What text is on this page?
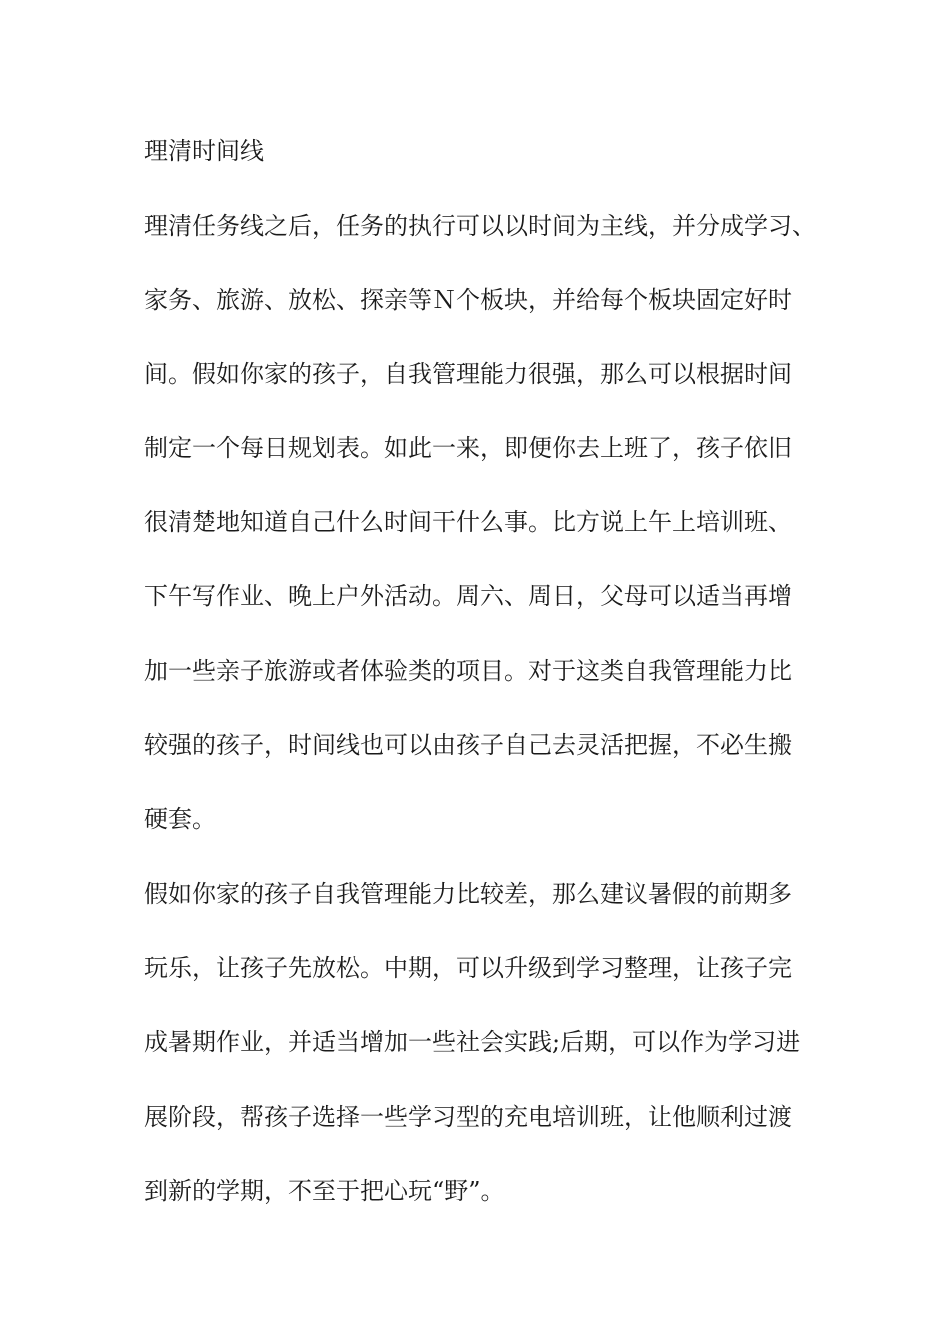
理清时间线
理清任务线之后，任务的执行可以以时间为主线，并分成学习、
家务、旅游、放松、探亲等Ｎ个板块，并给每个板块固定好时
间。假如你家的孩子，自我管理能力很强，那么可以根据时间
制定一个每日规划表。如此一来，即便你去上班了，孩子依旧
很清楚地知道自己什么时间干什么事。比方说上午上培训班、
下午写作业、晚上户外活动。周六、周日，父母可以适当再增
加一些亲子旅游或者体验类的项目。对于这类自我管理能力比
较强的孩子，时间线也可以由孩子自己去灵活把握，不必生搬
硬套。
假如你家的孩子自我管理能力比较差，那么建议暑假的前期多
玩乐，让孩子先放松。中期，可以升级到学习整理，让孩子完
成暑期作业，并适当增加一些社会实践;后期，可以作为学习进
展阶段，帮孩子选择一些学习型的充电培训班，让他顺利过渡
到新的学期，不至于把心玩“野”。
